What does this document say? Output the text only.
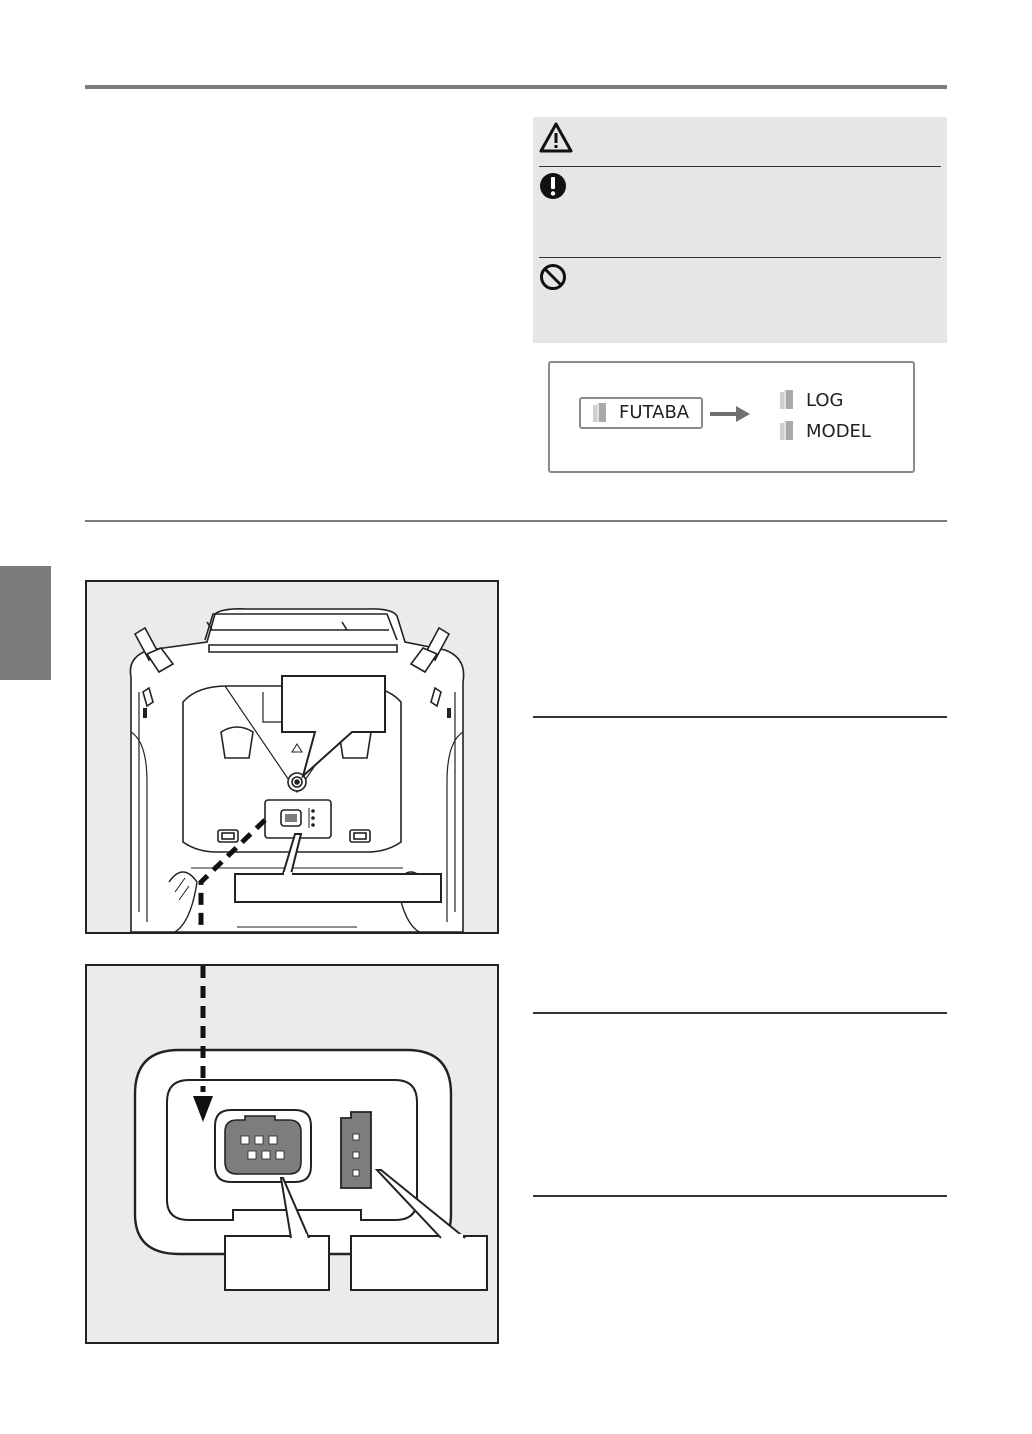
FUTABA
LOG
MODEL
